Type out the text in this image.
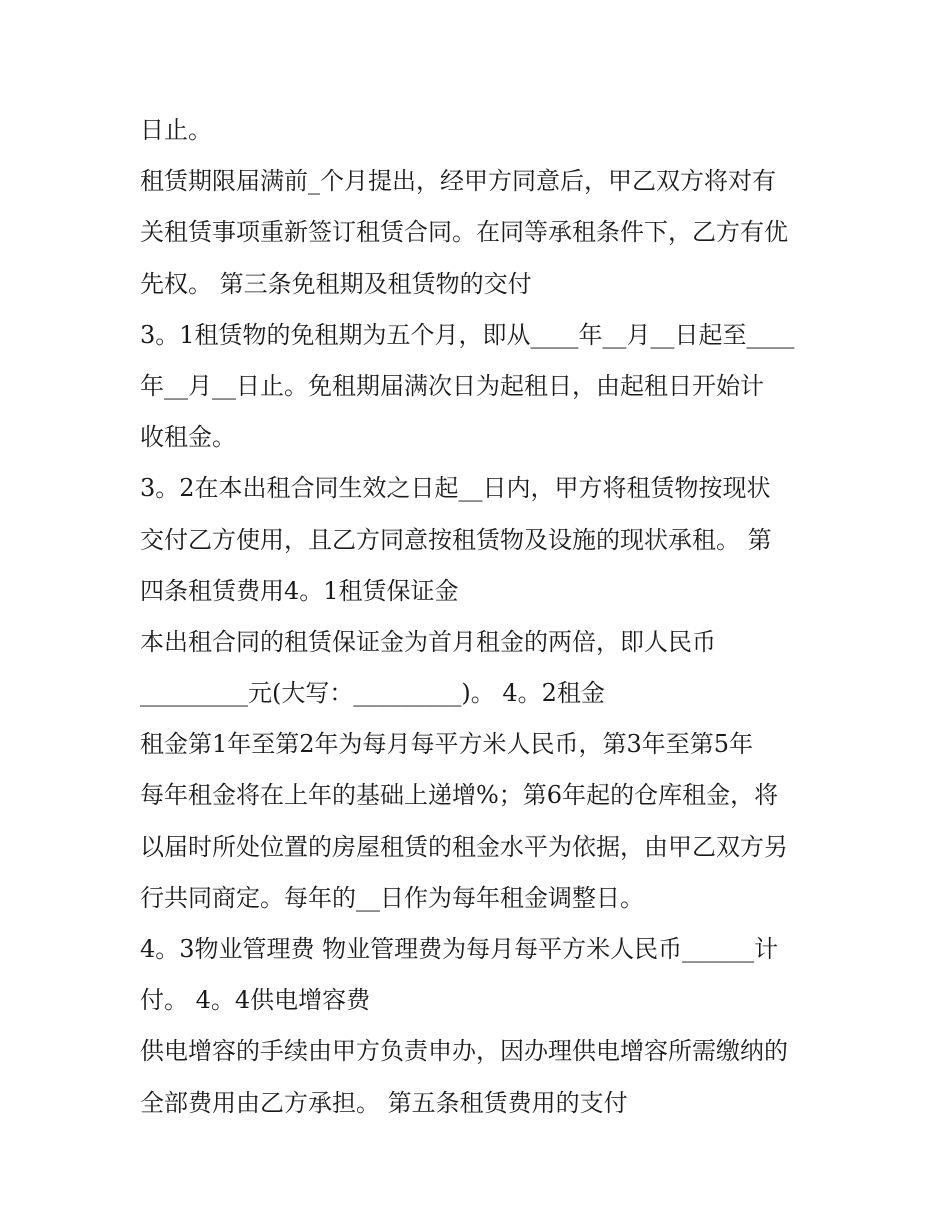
日止。
租赁期限届满前_个月提出，经甲方同意后，甲乙双方将对有
关租赁事项重新签订租赁合同。在同等承租条件下，乙方有优
先权。 第三条免租期及租赁物的交付
3。1租赁物的免租期为五个月，即从____年__月__日起至____
年__月__日止。免租期届满次日为起租日，由起租日开始计
收租金。
3。2在本出租合同生效之日起__日内，甲方将租赁物按现状
交付乙方使用，且乙方同意按租赁物及设施的现状承租。 第
四条租赁费用4。1租赁保证金
本出租合同的租赁保证金为首月租金的两倍，即人民币
_________元(大写：_________)。 4。2租金
租金第1年至第2年为每月每平方米人民币，第3年至第5年
每年租金将在上年的基础上递增%；第6年起的仓库租金，将
以届时所处位置的房屋租赁的租金水平为依据，由甲乙双方另
行共同商定。每年的__日作为每年租金调整日。
4。3物业管理费 物业管理费为每月每平方米人民币______计
付。 4。4供电增容费
供电增容的手续由甲方负责申办，因办理供电增容所需缴纳的
全部费用由乙方承担。 第五条租赁费用的支付
